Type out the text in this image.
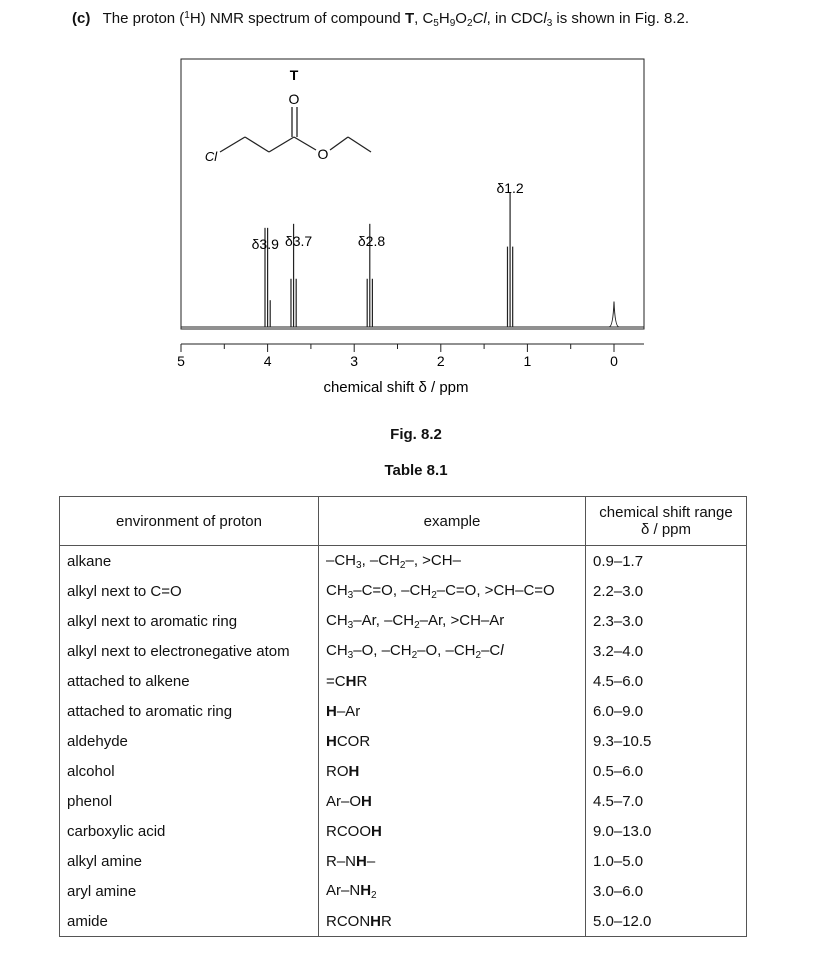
(c) The proton ($^1$H) NMR spectrum of compound T, $C_5H_9O_2Cl$, in CDCl$_3$ is shown in Fig. 8.2.
T
O
O
Cl
5	4	3	2	1	0
δ3.9 δ3.7	δ2.8
δ1.2
chemical shift δ / ppm
Fig. 8.2
Table 8.1
environment of proton	example	chemical shift range
δ / ppm
alkane	$-CH_3$, $-CH_2-$, >CH–	0.9–1.7
alkyl next to C=O	$CH_3-C=O$, $-CH_2-C=O$, >CH–C=O	2.2–3.0
alkyl next to aromatic ring	$CH_3-Ar$, $-CH_2-Ar$, >CH–Ar	2.3–3.0
alkyl next to electronegative atom	$CH_3-O$, $-CH_2-O$, $-CH_2-Cl$	3.2–4.0
attached to alkene	=CHR	4.5–6.0
attached to aromatic ring	H–Ar	6.0–9.0
aldehyde	HCOR	9.3–10.5
alcohol	ROH	0.5–6.0
phenol	Ar–OH	4.5–7.0
carboxylic acid	RCOOH	9.0–13.0
alkyl amine	R–NH–	1.0–5.0
aryl amine	$Ar-NH_2$	3.0–6.0
amide	RCONHR	5.0–12.0
